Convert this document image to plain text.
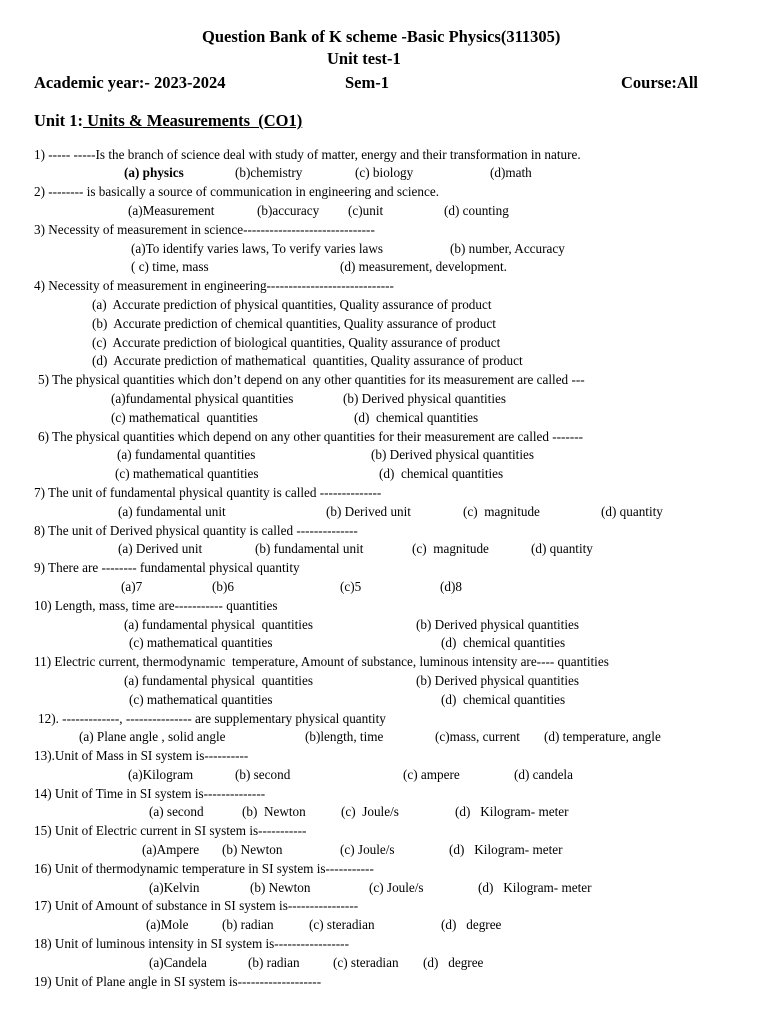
Question Bank of K scheme -Basic Physics(311305)
Unit test-1
Academic year:- 2023-2024	Sem-1	Course:All
Unit 1: Units & Measurements  (CO1)
1) ----- -----Is the branch of science deal with study of matter, energy and their transformation in nature.
(a) physics	(b)chemistry	(c) biology	(d)math
2) -------- is basically a source of communication in engineering and science.
(a)Measurement	(b)accuracy (c)unit	(d) counting
3) Necessity of measurement in science------------------------------
(a)To identify varies laws, To verify varies laws	(b) number, Accuracy
( c) time, mass	(d) measurement, development.
4) Necessity of measurement in engineering-----------------------------
(a)  Accurate prediction of physical quantities, Quality assurance of product
(b)  Accurate prediction of chemical quantities, Quality assurance of product
(c)  Accurate prediction of biological quantities, Quality assurance of product
(d)  Accurate prediction of mathematical  quantities, Quality assurance of product
5) The physical quantities which don’t depend on any other quantities for its measurement are called ---
(a)fundamental physical quantities	(b) Derived physical quantities
(c) mathematical  quantities	(d)  chemical quantities
6) The physical quantities which depend on any other quantities for their measurement are called -------
(a) fundamental quantities	(b) Derived physical quantities
(c) mathematical quantities	(d)  chemical quantities
7) The unit of fundamental physical quantity is called --------------
(a) fundamental unit	(b) Derived unit	(c)  magnitude	(d) quantity
8) The unit of Derived physical quantity is called --------------
(a) Derived unit	(b) fundamental unit	(c)  magnitude	(d) quantity
9) There are -------- fundamental physical quantity
(a)7	(b)6	(c)5	(d)8
10) Length, mass, time are----------- quantities
(a) fundamental physical  quantities	(b) Derived physical quantities
(c) mathematical quantities	(d)  chemical quantities
11) Electric current, thermodynamic  temperature, Amount of substance, luminous intensity are---- quantities
(a) fundamental physical  quantities	(b) Derived physical quantities
(c) mathematical quantities	(d)  chemical quantities
12). -------------, --------------- are supplementary physical quantity
(a) Plane angle , solid angle	(b)length, time	(c)mass, current (d) temperature, angle
13).Unit of Mass in SI system is----------
(a)Kilogram	(b) second	(c) ampere	(d) candela
14) Unit of Time in SI system is--------------
(a) second	(b)  Newton	(c)  Joule/s	(d)   Kilogram- meter
15) Unit of Electric current in SI system is-----------
(a)Ampere (b) Newton	(c) Joule/s	(d)   Kilogram- meter
16) Unit of thermodynamic temperature in SI system is-----------
(a)Kelvin	(b) Newton	(c) Joule/s	(d)   Kilogram- meter
17) Unit of Amount of substance in SI system is----------------
(a)Mole	(b) radian	(c) steradian	(d)   degree
18) Unit of luminous intensity in SI system is-----------------
(a)Candela	(b) radian	(c) steradian (d)   degree
19) Unit of Plane angle in SI system is-------------------
